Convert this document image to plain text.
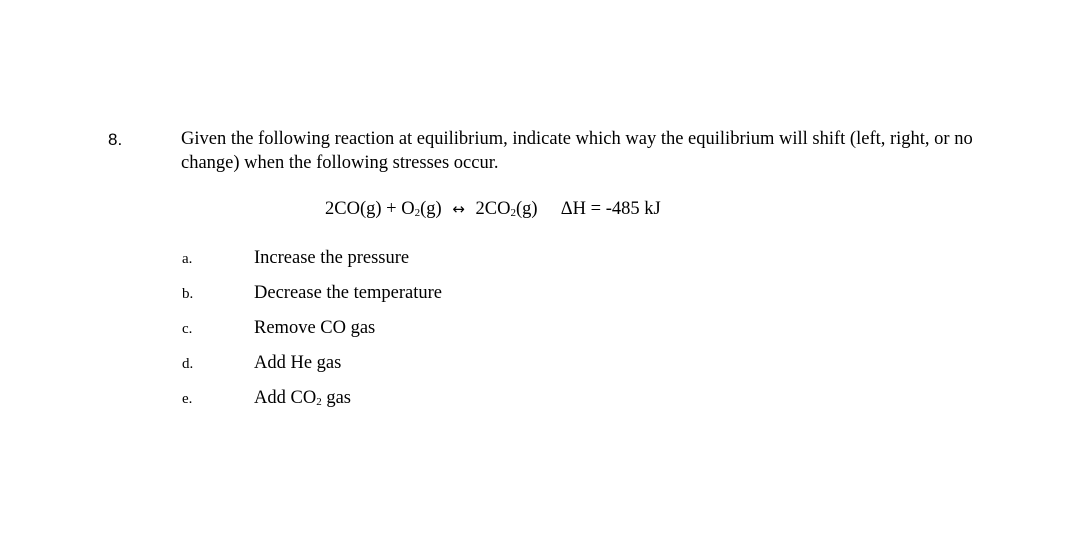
8.	Given the following reaction at equilibrium, indicate which way the equilibrium will shift (left, right, or no change) when the following stresses occur.
$2CO(g) + O_2(g)$ ↔ $2CO_2(g) \Delta H = -485$ kJ
a.	Increase the pressure
b.	Decrease the temperature
c.	Remove CO gas
d.	Add He gas
e.	Add $CO_2$ gas
